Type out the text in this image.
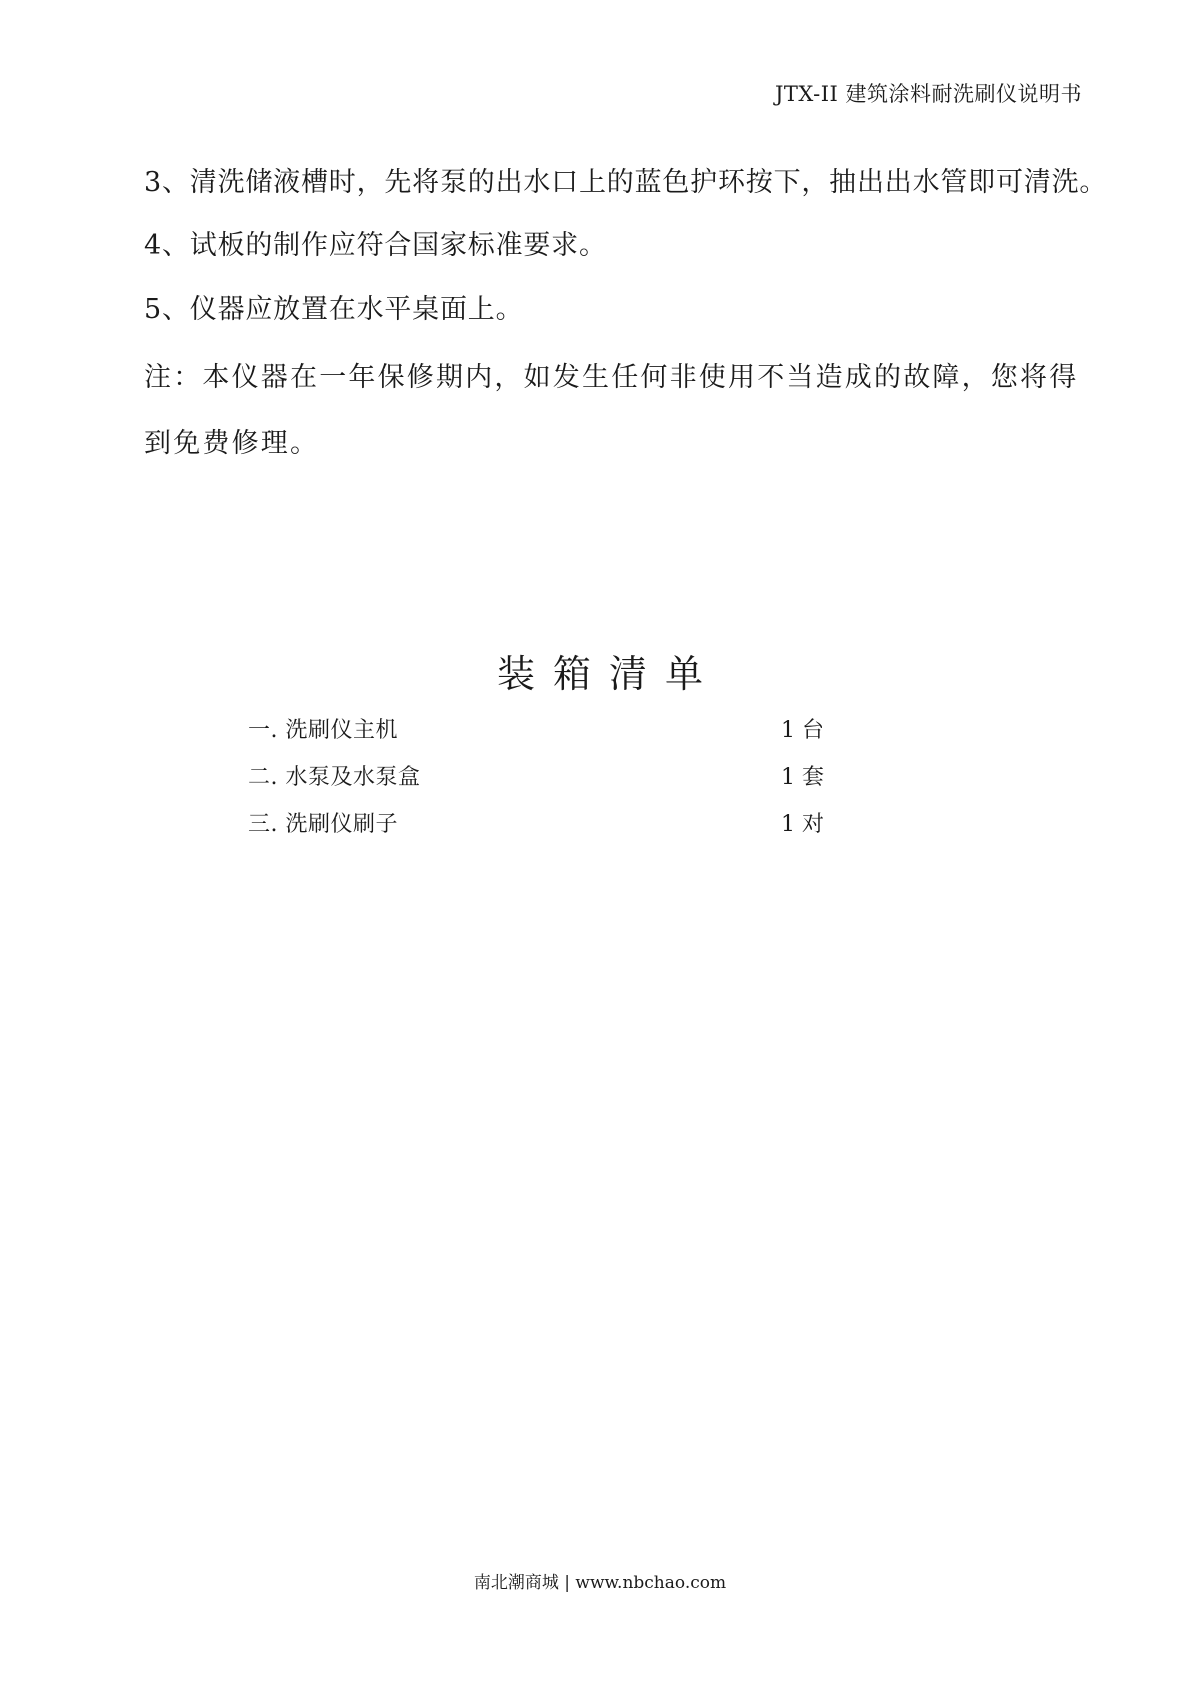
JTX-II 建筑涂料耐洗刷仪说明书

3、清洗储液槽时，先将泵的出水口上的蓝色护环按下，抽出出水管即可清洗。

4、试板的制作应符合国家标准要求。

5、仪器应放置在水平桌面上。

注：本仪器在一年保修期内，如发生任何非使用不当造成的故障，您将得到免费修理。

装箱清单
一. 洗刷仪主机	1 台
二. 水泵及水泵盒	1 套
三. 洗刷仪刷子	1 对
南北潮商城 | www.nbchao.com
